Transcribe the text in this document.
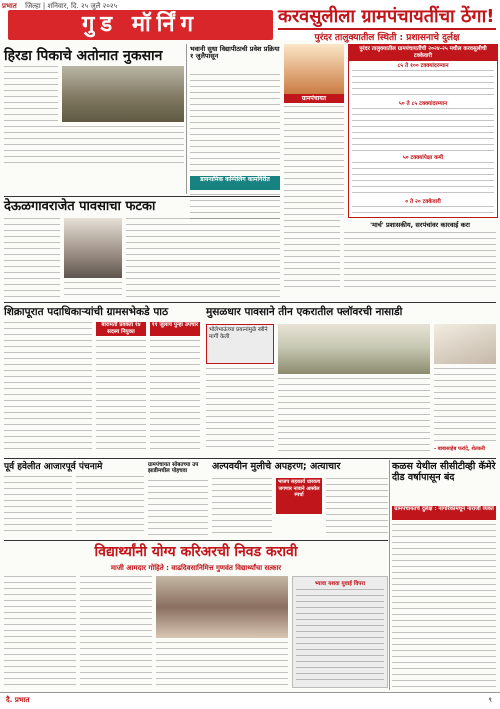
प्रभात जिल्हा | शनिवार, दि. २५ जुलै २०२५
गुड मॉर्निंग	करवसुलीला ग्रामपंचायतींचा ठेंगा!
पुरंदर तालुक्यातील स्थिती : प्रशासनाचे दुर्लक्ष
हिरडा पिकाचे अतोनात नुकसान	भवानी सुधा विद्यापीठाची प्रवेश प्रक्रिया १ जुलैपासून
डायनामिक कम्पिलिंग कामगिरीत
ग्रामपंचायत
पुरंदर तालुक्यातील ग्रामपंचायतींची २०२४-२५ मधील करवसुलीची टक्केवारी
८५ ते १०० टक्क्यांदरम्यान
५० ते ८५ टक्क्यांदरम्यान
५० टक्क्यांपेक्षा कमी
० ते २० टक्केवारी
'मार्च' प्रशासकीय, सरपंचांवर कारवाई करा
देऊळगावराजेत पावसाचा फटका
शिक्रापूरात पदाधिकाऱ्यांची ग्रामसभेकडे पाठ
बारामती प्रवक्ता १४ सदस्य नियुक्त
११ जुलाय पुन्हा उपचार
मुसळधार पावसाने तीन एकरातील फ्लॉवरची नासाडी
भोलेभाऊंच्या प्रयत्नांमुळे स्त्रीने मार्गी केली
- बाबासाहेब फरांदे, शेतकरी
पूर्व हवेलीत आजारपूर्व पंचनामे	ग्रामपंचायत सोबतच्या उप झाडीमधील पोहचवा	अल्पवयीन मुलीचे अपहरण; अत्याचार
भाजप सहकार्य धारकच जगणार नावाने आस्वेल स्पर्धा
कळस येथील सीसीटीव्ही कॅमेरे दीड वर्षापासून बंद
ग्रामपंचायतचे दुर्लक्ष : नागरिकांमधून नाराजी व्यक्त
विद्यार्थ्यांनी योग्य करिअरची निवड करावी
माजी आमदार गोहिते : वाढदिवसानिमित्त गुणवंत विद्यार्थ्यांचा सत्कार
भ्यावा यशवा युवाई विपरा
दै. प्रभात	९
